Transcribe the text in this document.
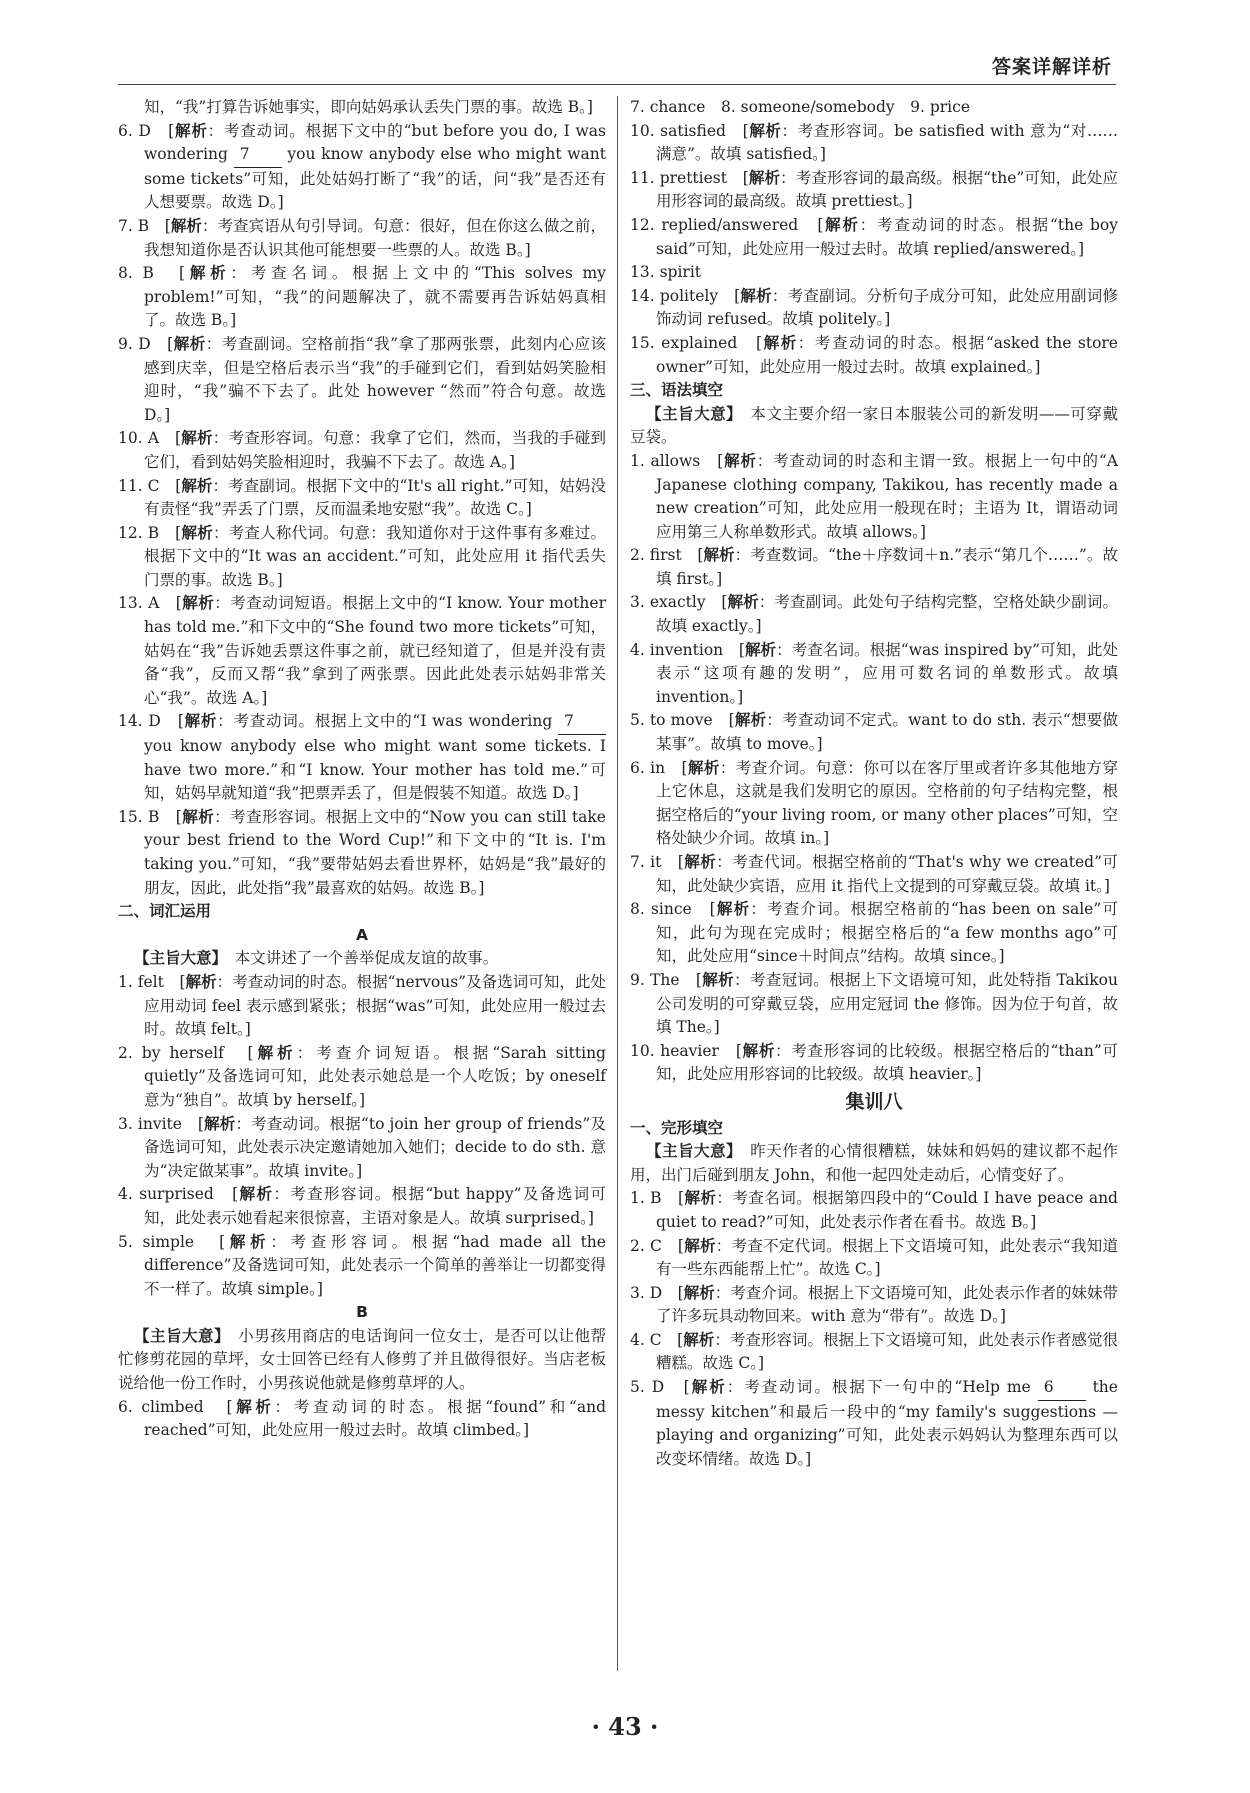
答案详解详析

知，“我”打算告诉她事实，即向姑妈承认丢失门票的事。故选 B。]

6. D　[解析：考查动词。根据下文中的“but before you do, I was wondering 7 you know anybody else who might want some tickets”可知，此处姑妈打断了“我”的话，问“我”是否还有人想要票。故选 D。]

7. B　[解析：考查宾语从句引导词。句意：很好，但在你这么做之前，我想知道你是否认识其他可能想要一些票的人。故选 B。]

8. B　[解析：考查名词。根据上文中的“This solves my problem!”可知，“我”的问题解决了，就不需要再告诉姑妈真相了。故选 B。]

9. D　[解析：考查副词。空格前指“我”拿了那两张票，此刻内心应该感到庆幸，但是空格后表示当“我”的手碰到它们，看到姑妈笑脸相迎时，“我”骗不下去了。此处 however “然而”符合句意。故选 D。]

10. A　[解析：考查形容词。句意：我拿了它们，然而，当我的手碰到它们，看到姑妈笑脸相迎时，我骗不下去了。故选 A。]

11. C　[解析：考查副词。根据下文中的“It's all right.”可知，姑妈没有责怪“我”弄丢了门票，反而温柔地安慰“我”。故选 C。]

12. B　[解析：考查人称代词。句意：我知道你对于这件事有多难过。根据下文中的“It was an accident.”可知，此处应用 it 指代丢失门票的事。故选 B。]

13. A　[解析：考查动词短语。根据上文中的“I know. Your mother has told me.”和下文中的“She found two more tickets”可知，姑妈在“我”告诉她丢票这件事之前，就已经知道了，但是并没有责备“我”，反而又帮“我”拿到了两张票。因此此处表示姑妈非常关心“我”。故选 A。]

14. D　[解析：考查动词。根据上文中的“I was wondering 7 you know anybody else who might want some tickets. I have two more.”和“I know. Your mother has told me.”可知，姑妈早就知道“我”把票弄丢了，但是假装不知道。故选 D。]

15. B　[解析：考查形容词。根据上文中的“Now you can still take your best friend to the Word Cup!”和下文中的“It is. I'm taking you.”可知，“我”要带姑妈去看世界杯，姑妈是“我”最好的朋友，因此，此处指“我”最喜欢的姑妈。故选 B。]

二、词汇运用

A

【主旨大意】　本文讲述了一个善举促成友谊的故事。

1. felt　[解析：考查动词的时态。根据“nervous”及备选词可知，此处应用动词 feel 表示感到紧张；根据“was”可知，此处应用一般过去时。故填 felt。]

2. by herself　[解析：考查介词短语。根据“Sarah sitting quietly”及备选词可知，此处表示她总是一个人吃饭；by oneself 意为“独自”。故填 by herself。]

3. invite　[解析：考查动词。根据“to join her group of friends”及备选词可知，此处表示决定邀请她加入她们；decide to do sth. 意为“决定做某事”。故填 invite。]

4. surprised　[解析：考查形容词。根据“but happy”及备选词可知，此处表示她看起来很惊喜，主语对象是人。故填 surprised。]

5. simple　[解析：考查形容词。根据“had made all the difference”及备选词可知，此处表示一个简单的善举让一切都变得不一样了。故填 simple。]

B

【主旨大意】　小男孩用商店的电话询问一位女士，是否可以让他帮忙修剪花园的草坪，女士回答已经有人修剪了并且做得很好。当店老板说给他一份工作时，小男孩说他就是修剪草坪的人。

6. climbed　[解析：考查动词的时态。根据“found”和“and reached”可知，此处应用一般过去时。故填 climbed。]

7. chance　8. someone/somebody　9. price

10. satisfied　[解析：考查形容词。be satisfied with 意为“对……满意”。故填 satisfied。]

11. prettiest　[解析：考查形容词的最高级。根据“the”可知，此处应用形容词的最高级。故填 prettiest。]

12. replied/answered　[解析：考查动词的时态。根据“the boy said”可知，此处应用一般过去时。故填 replied/answered。]

13. spirit

14. politely　[解析：考查副词。分析句子成分可知，此处应用副词修饰动词 refused。故填 politely。]

15. explained　[解析：考查动词的时态。根据“asked the store owner”可知，此处应用一般过去时。故填 explained。]

三、语法填空

【主旨大意】　本文主要介绍一家日本服装公司的新发明——可穿戴豆袋。

1. allows　[解析：考查动词的时态和主谓一致。根据上一句中的“A Japanese clothing company, Takikou, has recently made a new creation”可知，此处应用一般现在时；主语为 It，谓语动词应用第三人称单数形式。故填 allows。]

2. first　[解析：考查数词。“the＋序数词＋n.”表示“第几个……”。故填 first。]

3. exactly　[解析：考查副词。此处句子结构完整，空格处缺少副词。故填 exactly。]

4. invention　[解析：考查名词。根据“was inspired by”可知，此处表示“这项有趣的发明”，应用可数名词的单数形式。故填 invention。]

5. to move　[解析：考查动词不定式。want to do sth. 表示“想要做某事”。故填 to move。]

6. in　[解析：考查介词。句意：你可以在客厅里或者许多其他地方穿上它休息，这就是我们发明它的原因。空格前的句子结构完整，根据空格后的“your living room, or many other places”可知，空格处缺少介词。故填 in。]

7. it　[解析：考查代词。根据空格前的“That's why we created”可知，此处缺少宾语，应用 it 指代上文提到的可穿戴豆袋。故填 it。]

8. since　[解析：考查介词。根据空格前的“has been on sale”可知，此句为现在完成时；根据空格后的“a few months ago”可知，此处应用“since＋时间点”结构。故填 since。]

9. The　[解析：考查冠词。根据上下文语境可知，此处特指 Takikou 公司发明的可穿戴豆袋，应用定冠词 the 修饰。因为位于句首，故填 The。]

10. heavier　[解析：考查形容词的比较级。根据空格后的“than”可知，此处应用形容词的比较级。故填 heavier。]

集训八

一、完形填空

【主旨大意】　昨天作者的心情很糟糕，妹妹和妈妈的建议都不起作用，出门后碰到朋友 John，和他一起四处走动后，心情变好了。

1. B　[解析：考查名词。根据第四段中的“Could I have peace and quiet to read?”可知，此处表示作者在看书。故选 B。]

2. C　[解析：考查不定代词。根据上下文语境可知，此处表示“我知道有一些东西能帮上忙”。故选 C。]

3. D　[解析：考查介词。根据上下文语境可知，此处表示作者的妹妹带了许多玩具动物回来。with 意为“带有”。故选 D。]

4. C　[解析：考查形容词。根据上下文语境可知，此处表示作者感觉很糟糕。故选 C。]

5. D　[解析：考查动词。根据下一句中的“Help me 6 the messy kitchen”和最后一段中的“my family's suggestions — playing and organizing”可知，此处表示妈妈认为整理东西可以改变坏情绪。故选 D。]

· 43 ·
